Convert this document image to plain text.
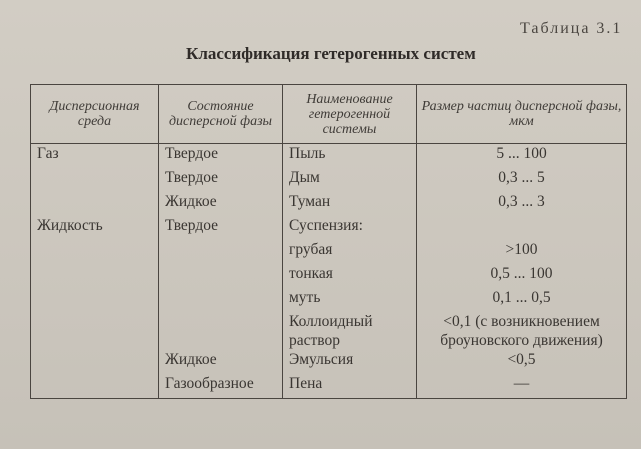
Таблица 3.1
Классификация гетерогенных систем
Дисперсионная среда	Состояние дисперсной фазы	Наименование гетерогенной системы	Размер частиц дисперсной фазы, мкм
Газ	Твердое	Пыль	5 ... 100
	Твердое	Дым	0,3 ... 5
	Жидкое	Туман	0,3 ... 3
Жидкость	Твердое	Суспензия:	
		грубая	>100
		тонкая	0,5 ... 100
		муть	0,1 ... 0,5
		Коллоидный раствор	<0,1 (с возникновением броуновского движения)
	Жидкое	Эмульсия	<0,5
	Газообразное	Пена	—
